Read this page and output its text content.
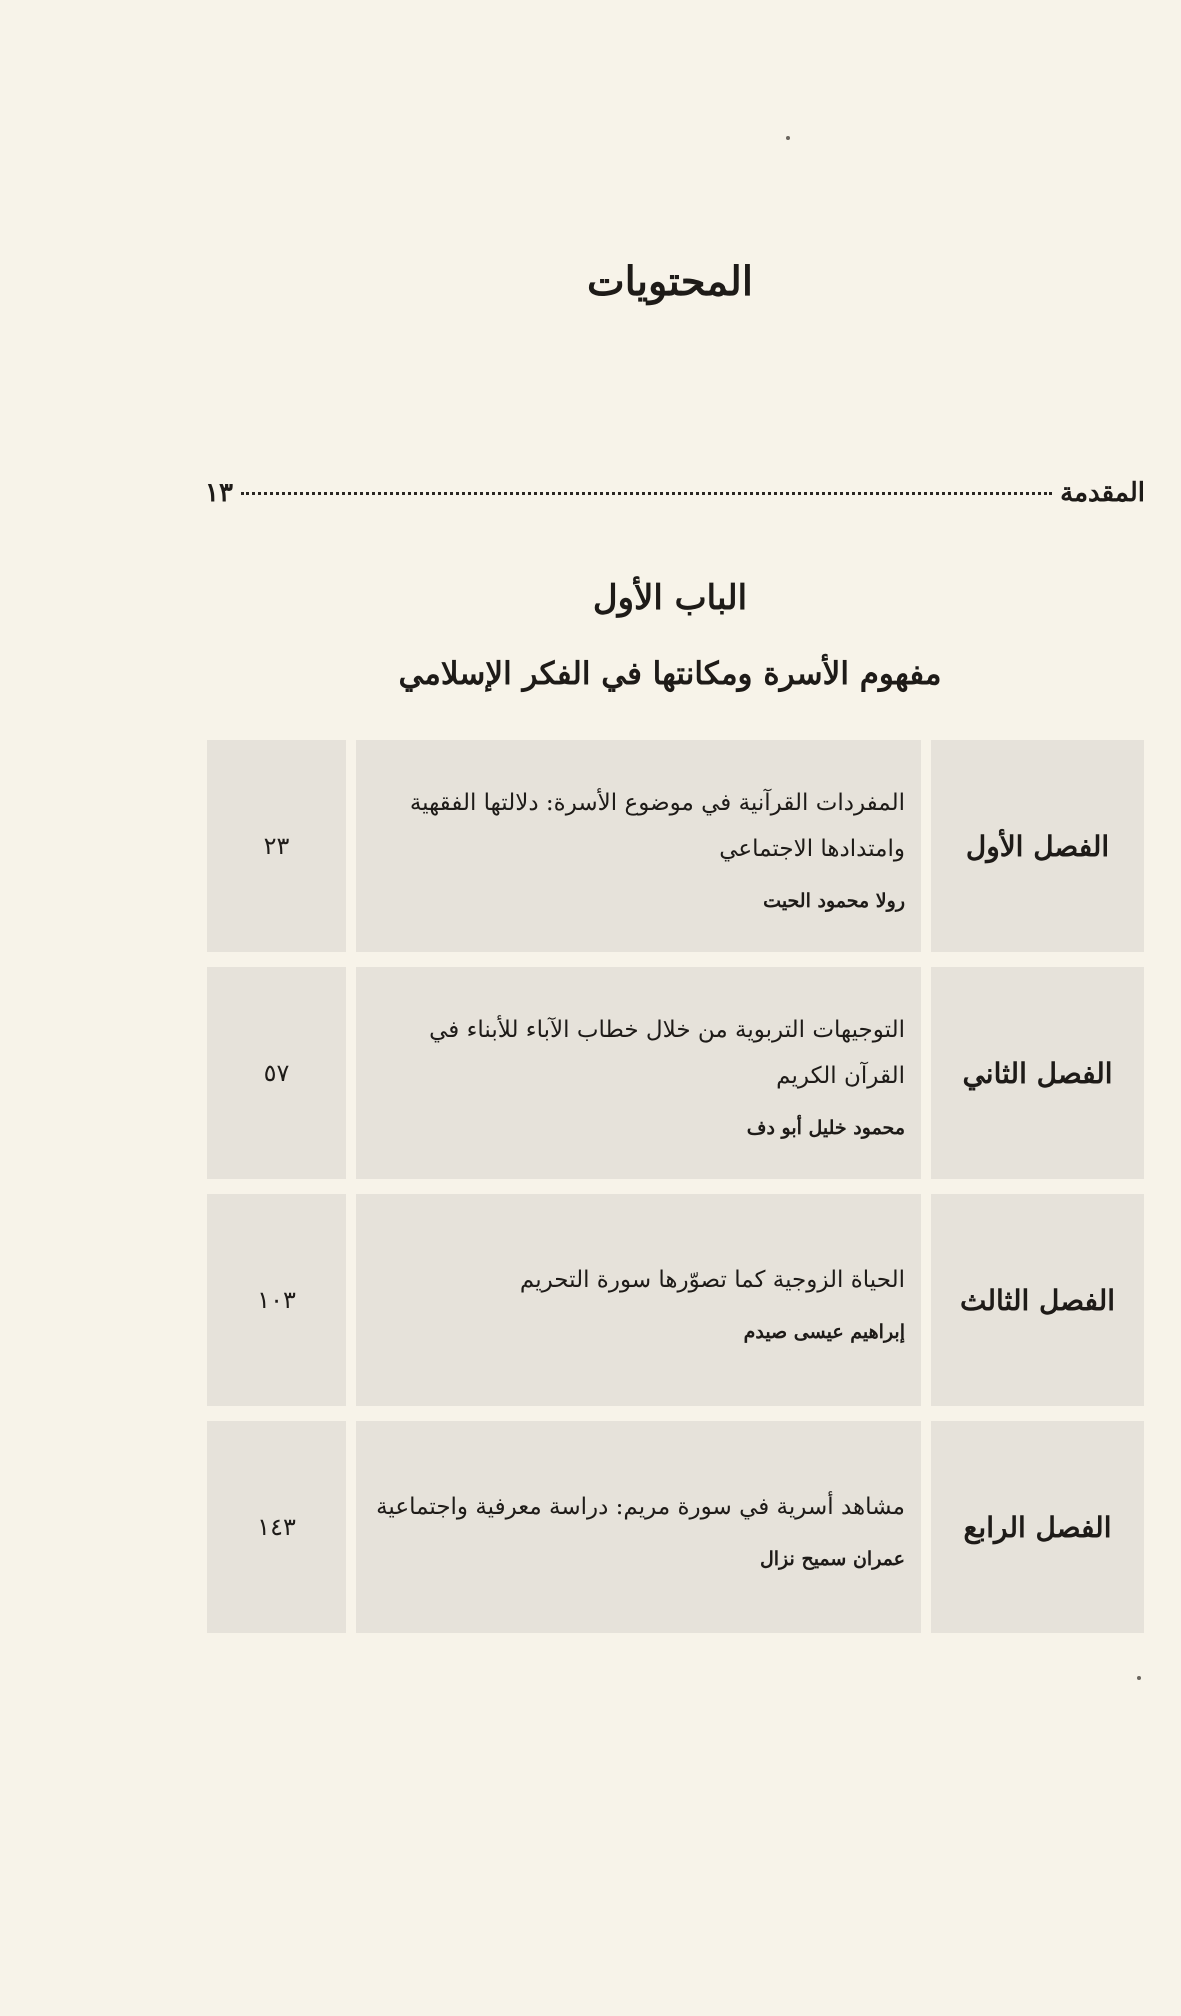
المحتويات
المقدمة
١٣
الباب الأول
مفهوم الأسرة ومكانتها في الفكر الإسلامي
الفصل الأول
المفردات القرآنية في موضوع الأسرة: دلالتها الفقهية وامتدادها الاجتماعي
رولا محمود الحيت
٢٣
الفصل الثاني
التوجيهات التربوية من خلال خطاب الآباء للأبناء في القرآن الكريم
محمود خليل أبو دف
٥٧
الفصل الثالث
الحياة الزوجية كما تصوّرها سورة التحريم
إبراهيم عيسى صيدم
١٠٣
الفصل الرابع
مشاهد أسرية في سورة مريم: دراسة معرفية واجتماعية
عمران سميح نزال
١٤٣
